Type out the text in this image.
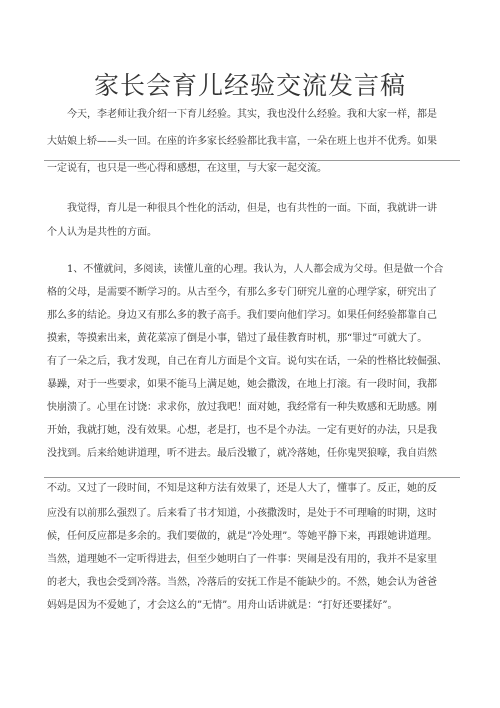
家长会育儿经验交流发言稿
今天，李老师让我介绍一下育儿经验。其实，我也没什么经验。我和大家一样，都是
大姑娘上轿——头一回。在座的许多家长经验都比我丰富，一朵在班上也并不优秀。如果
一定说有，也只是一些心得和感想，在这里，与大家一起交流。
我觉得，育儿是一种很具个性化的活动，但是，也有共性的一面。下面，我就讲一讲
个人认为是共性的方面。
1、不懂就问，多阅读，读懂儿童的心理。我认为，人人都会成为父母。但是做一个合
格的父母，是需要不断学习的。从古至今，有那么多专门研究儿童的心理学家，研究出了
那么多的结论。身边又有那么多的教子高手。我们要向他们学习。如果任何经验都靠自己
摸索，等摸索出来，黄花菜凉了倒是小事，错过了最佳教育时机，那“罪过”可就大了。
有了一朵之后，我才发现，自己在育儿方面是个文盲。说句实在话，一朵的性格比较倔强、
暴躁，对于一些要求，如果不能马上满足她，她会撒泼，在地上打滚。有一段时间，我都
快崩溃了。心里在讨饶：求求你，放过我吧！面对她，我经常有一种失败感和无助感。刚
开始，我就打她，没有效果。心想，老是打，也不是个办法。一定有更好的办法，只是我
没找到。后来给她讲道理，听不进去。最后没辙了，就冷落她，任你鬼哭狼嚎，我自岿然
不动。又过了一段时间，不知是这种方法有效果了，还是人大了，懂事了。反正，她的反
应没有以前那么强烈了。后来看了书才知道，小孩撒泼时，是处于不可理喻的时期，这时
候，任何反应都是多余的。我们要做的，就是”冷处理”。等她平静下来，再跟她讲道理。
当然，道理她不一定听得进去，但至少她明白了一件事：哭闹是没有用的，我并不是家里
的老大，我也会受到冷落。当然，冷落后的安抚工作是不能缺少的。不然，她会认为爸爸
妈妈是因为不爱她了，才会这么的”无情”。用舟山话讲就是：“打好还要揉好”。
